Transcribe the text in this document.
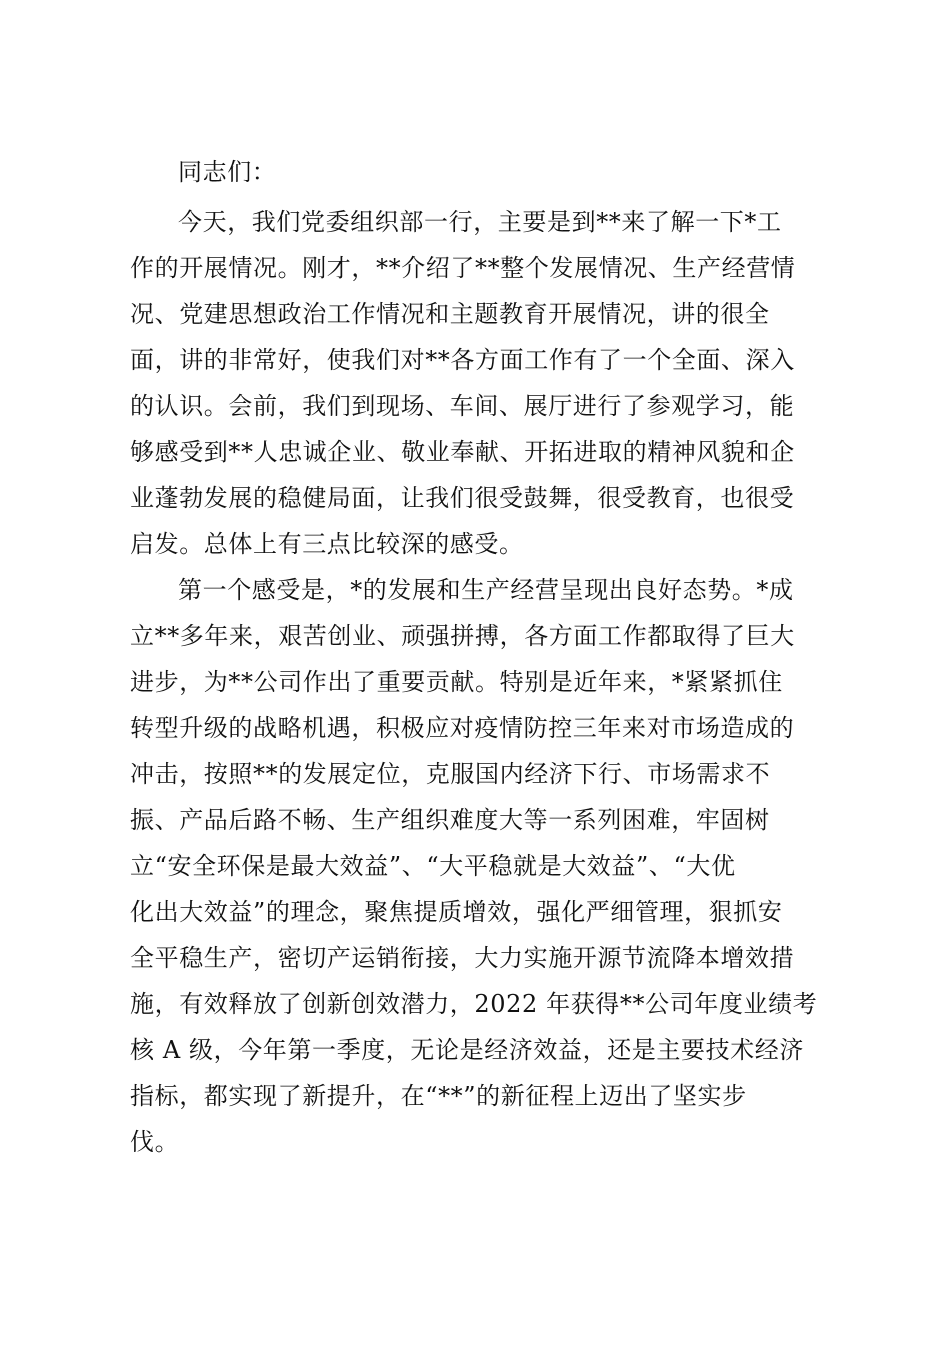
同志们：
今天，我们党委组织部一行，主要是到**来了解一下*工
作的开展情况。刚才，**介绍了**整个发展情况、生产经营情
况、党建思想政治工作情况和主题教育开展情况，讲的很全
面，讲的非常好，使我们对**各方面工作有了一个全面、深入
的认识。会前，我们到现场、车间、展厅进行了参观学习，能
够感受到**人忠诚企业、敬业奉献、开拓进取的精神风貌和企
业蓬勃发展的稳健局面，让我们很受鼓舞，很受教育，也很受
启发。总体上有三点比较深的感受。
第一个感受是，*的发展和生产经营呈现出良好态势。*成
立**多年来，艰苦创业、顽强拼搏，各方面工作都取得了巨大
进步，为**公司作出了重要贡献。特别是近年来，*紧紧抓住
转型升级的战略机遇，积极应对疫情防控三年来对市场造成的
冲击，按照**的发展定位，克服国内经济下行、市场需求不
振、产品后路不畅、生产组织难度大等一系列困难，牢固树
立“安全环保是最大效益”、“大平稳就是大效益”、“大优
化出大效益”的理念，聚焦提质增效，强化严细管理，狠抓安
全平稳生产，密切产运销衔接，大力实施开源节流降本增效措
施，有效释放了创新创效潜力，2022 年获得**公司年度业绩考
核 A 级，今年第一季度，无论是经济效益，还是主要技术经济
指标，都实现了新提升，在“**”的新征程上迈出了坚实步
伐。
